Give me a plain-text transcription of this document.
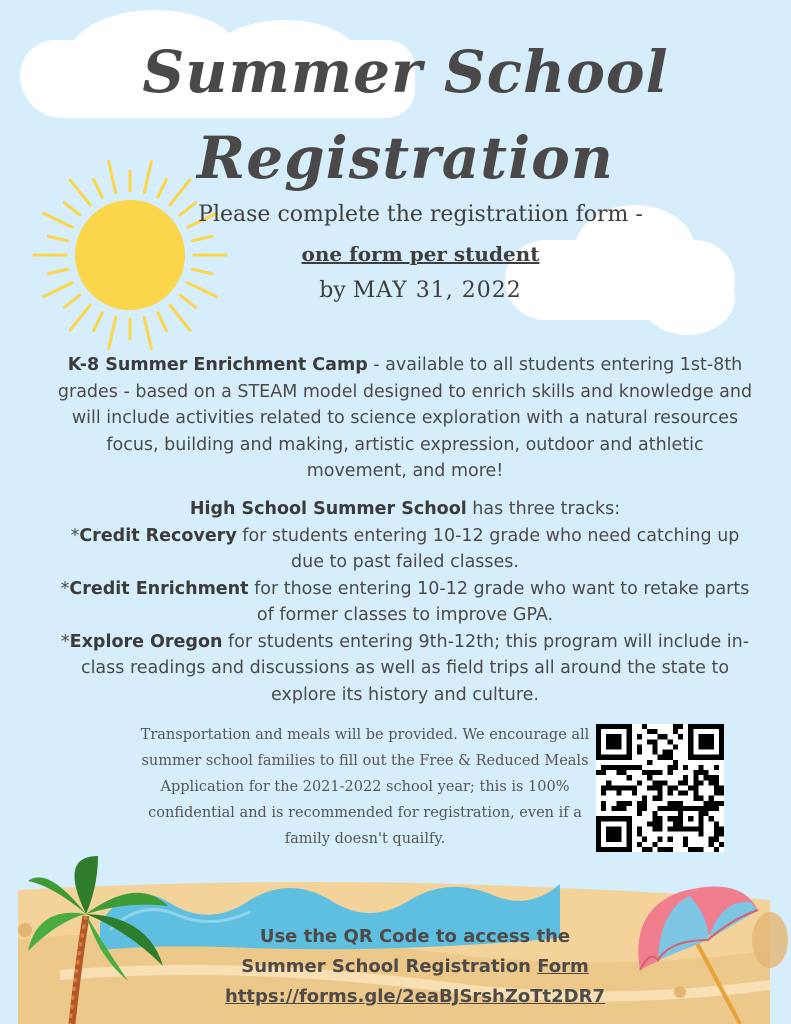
Summer School
Registration
Please complete the registratiion form -
one form per student
by MAY 31, 2022
K-8 Summer Enrichment Camp - available to all students entering 1st-8th grades - based on a STEAM model designed to enrich skills and knowledge and will include activities related to science exploration with a natural resources focus, building and making, artistic expression, outdoor and athletic movement, and more!
High School Summer School has three tracks:
*Credit Recovery for students entering 10-12 grade who need catching up due to past failed classes.
*Credit Enrichment for those entering 10-12 grade who want to retake parts of former classes to improve GPA.
*Explore Oregon for students entering 9th-12th; this program will include in-class readings and discussions as well as field trips all around the state to explore its history and culture.
Transportation and meals will be provided. We encourage all summer school families to fill out the Free & Reduced Meals Application for the 2021-2022 school year; this is 100% confidential and is recommended for registration, even if a family doesn't quailfy.
Use the QR Code to access the
Summer School Registration Form
https://forms.gle/2eaBJSrshZoTt2DR7
